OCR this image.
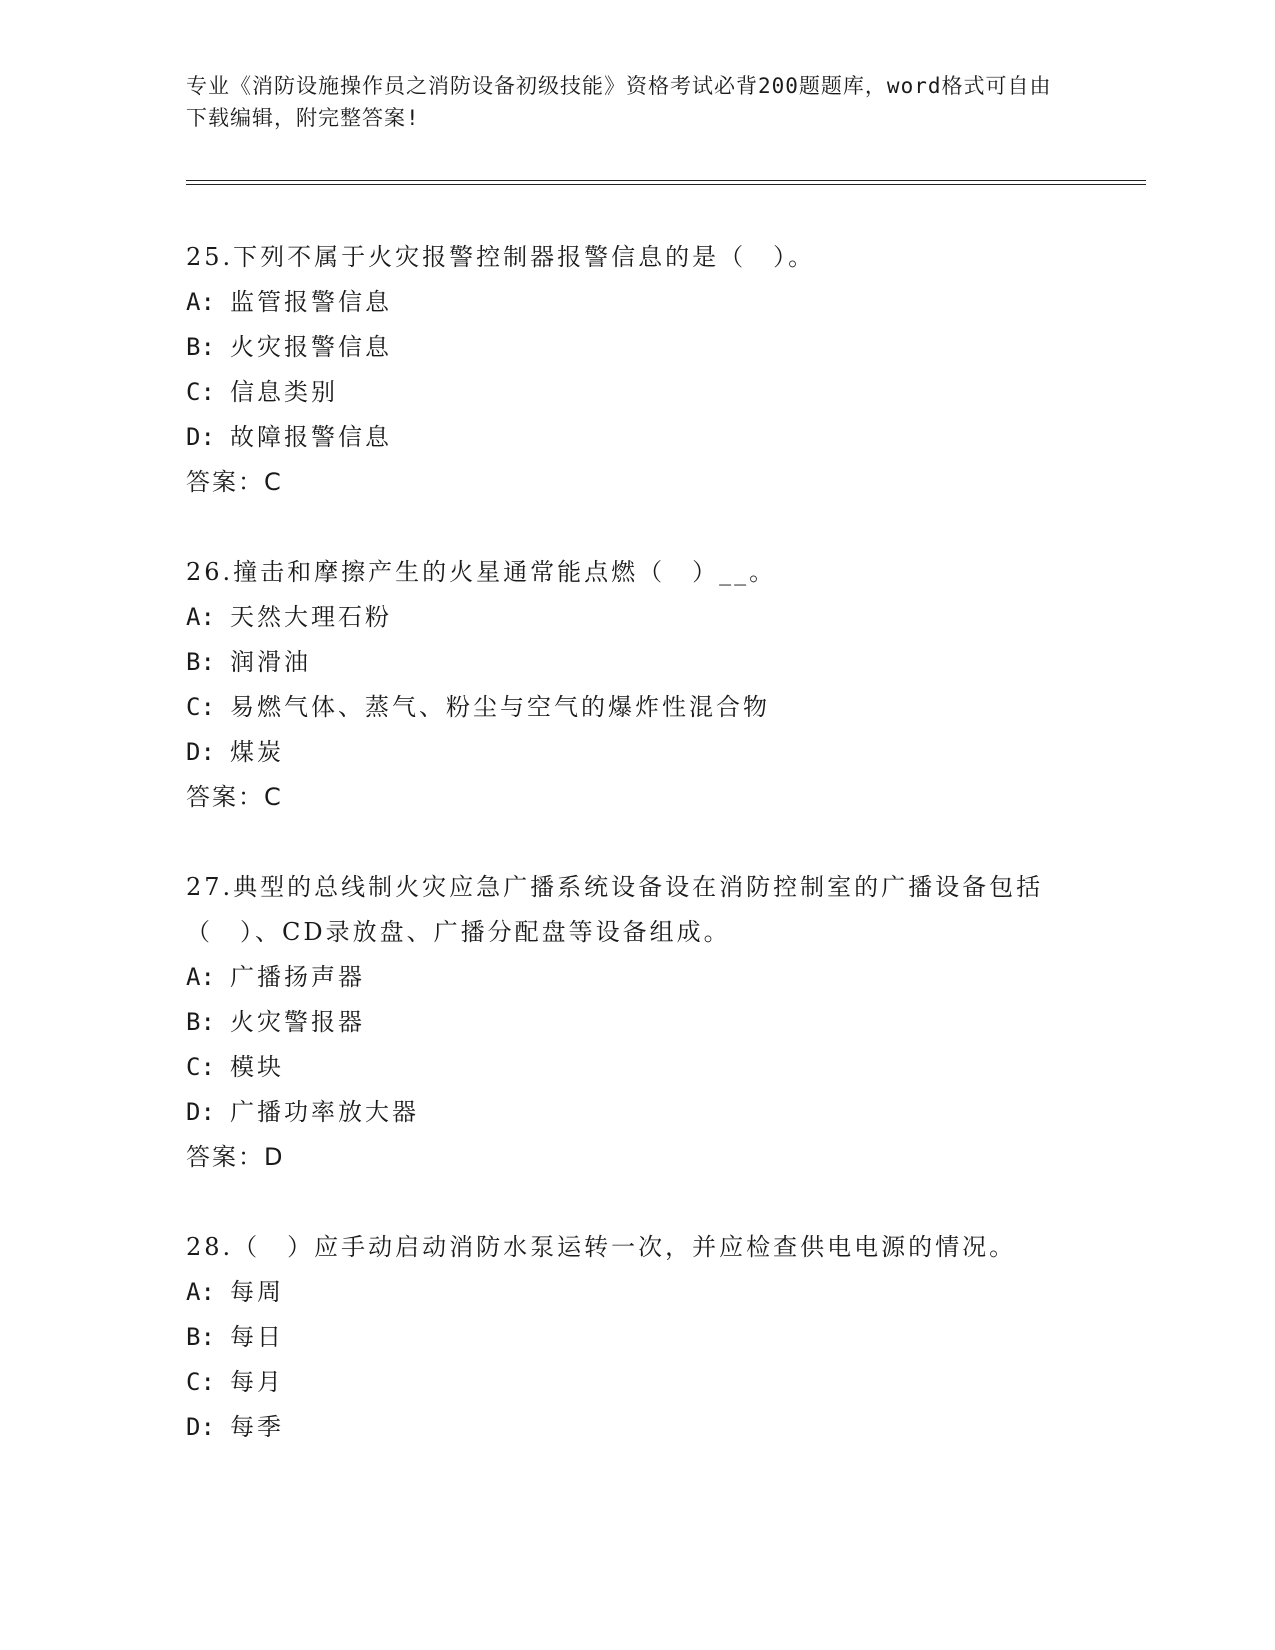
专业《消防设施操作员之消防设备初级技能》资格考试必背200题题库，word格式可自由下载编辑，附完整答案!
25.下列不属于火灾报警控制器报警信息的是（　）。
A: 监管报警信息
B: 火灾报警信息
C: 信息类别
D: 故障报警信息
答案：C
26.撞击和摩擦产生的火星通常能点燃（　）__。
A: 天然大理石粉
B: 润滑油
C: 易燃气体、蒸气、粉尘与空气的爆炸性混合物
D: 煤炭
答案：C
27.典型的总线制火灾应急广播系统设备设在消防控制室的广播设备包括（　）、CD录放盘、广播分配盘等设备组成。
A: 广播扬声器
B: 火灾警报器
C: 模块
D: 广播功率放大器
答案：D
28.（　）应手动启动消防水泵运转一次，并应检查供电电源的情况。
A: 每周
B: 每日
C: 每月
D: 每季
